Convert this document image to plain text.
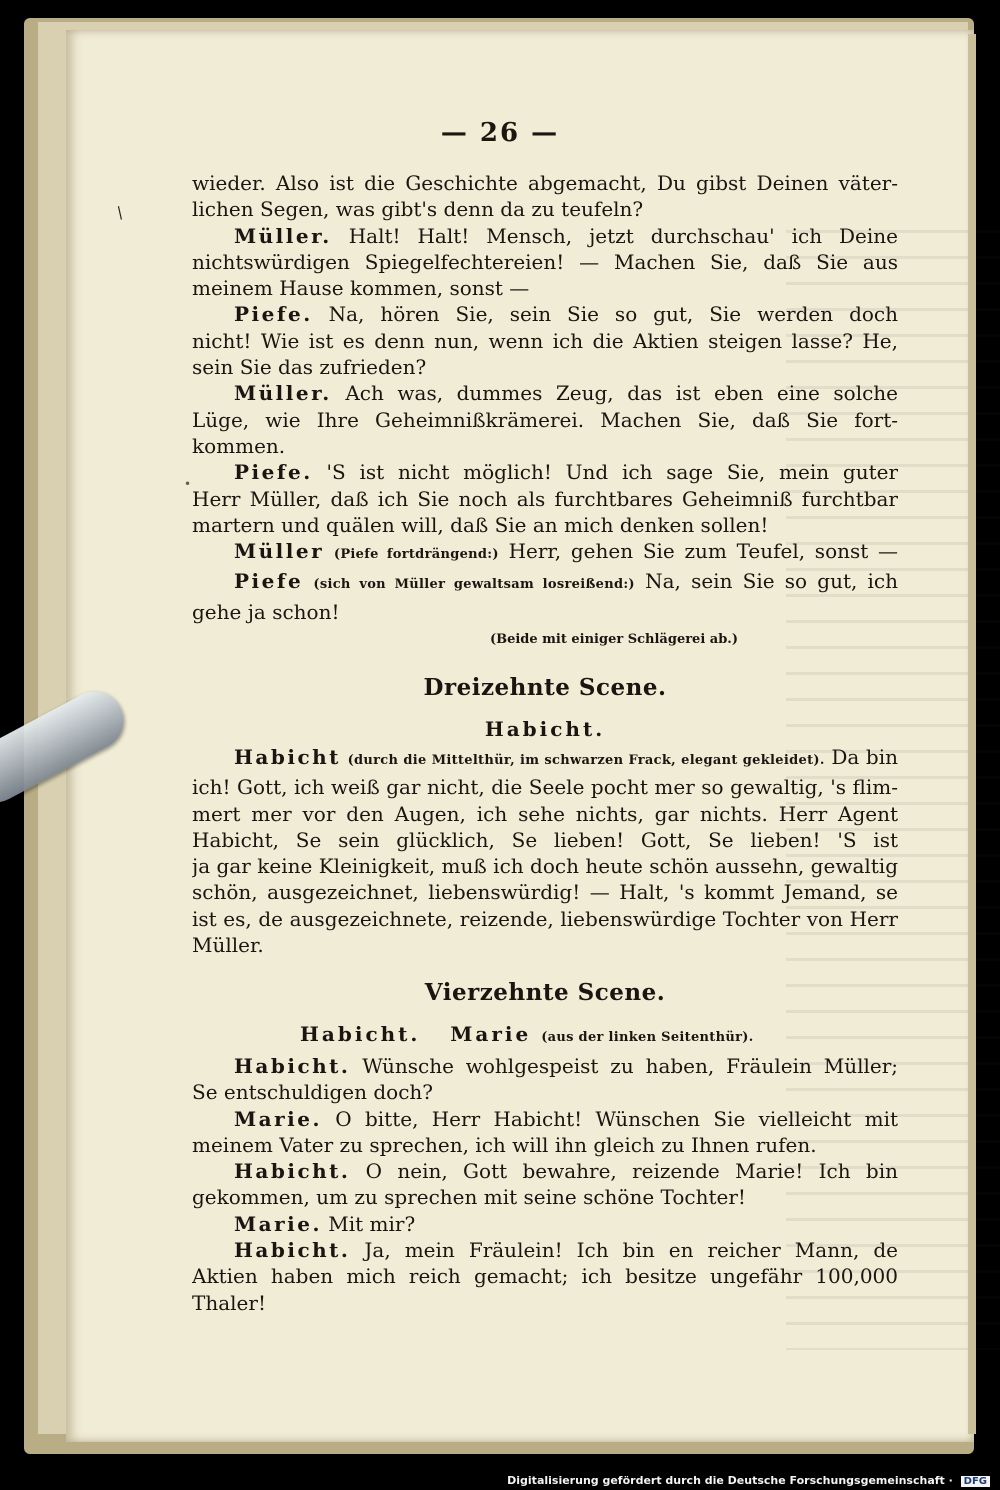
— 26 —
/
•
wieder. Also ist die Geschichte abgemacht, Du gibst Deinen väter-
lichen Segen, was gibt's denn da zu teufeln?
Müller. Halt! Halt! Mensch, jetzt durchschau' ich Deine
nichtswürdigen Spiegelfechtereien! — Machen Sie, daß Sie aus
meinem Hause kommen, sonst —
Piefe. Na, hören Sie, sein Sie so gut, Sie werden doch
nicht! Wie ist es denn nun, wenn ich die Aktien steigen lasse? He,
sein Sie das zufrieden?
Müller. Ach was, dummes Zeug, das ist eben eine solche
Lüge, wie Ihre Geheimnißkrämerei. Machen Sie, daß Sie fort-
kommen.
Piefe. 'S ist nicht möglich! Und ich sage Sie, mein guter
Herr Müller, daß ich Sie noch als furchtbares Geheimniß furchtbar
martern und quälen will, daß Sie an mich denken sollen!
Müller (Piefe fortdrängend:) Herr, gehen Sie zum Teufel, sonst —
Piefe (sich von Müller gewaltsam losreißend:) Na, sein Sie so gut, ich
gehe ja schon!
(Beide mit einiger Schlägerei ab.)
Dreizehnte Scene.
Habicht.
Habicht (durch die Mittelthür, im schwarzen Frack, elegant gekleidet). Da bin
ich! Gott, ich weiß gar nicht, die Seele pocht mer so gewaltig, 's flim-
mert mer vor den Augen, ich sehe nichts, gar nichts. Herr Agent
Habicht, Se sein glücklich, Se lieben! Gott, Se lieben! 'S ist
ja gar keine Kleinigkeit, muß ich doch heute schön aussehn, gewaltig
schön, ausgezeichnet, liebenswürdig! — Halt, 's kommt Jemand, se
ist es, de ausgezeichnete, reizende, liebenswürdige Tochter von Herr
Müller.
Vierzehnte Scene.
Habicht. Marie (aus der linken Seitenthür).
Habicht. Wünsche wohlgespeist zu haben, Fräulein Müller;
Se entschuldigen doch?
Marie. O bitte, Herr Habicht! Wünschen Sie vielleicht mit
meinem Vater zu sprechen, ich will ihn gleich zu Ihnen rufen.
Habicht. O nein, Gott bewahre, reizende Marie! Ich bin
gekommen, um zu sprechen mit seine schöne Tochter!
Marie. Mit mir?
Habicht. Ja, mein Fräulein! Ich bin en reicher Mann, de
Aktien haben mich reich gemacht; ich besitze ungefähr 100,000
Thaler!
Digitalisierung gefördert durch die Deutsche Forschungsgemeinschaft · DFG
